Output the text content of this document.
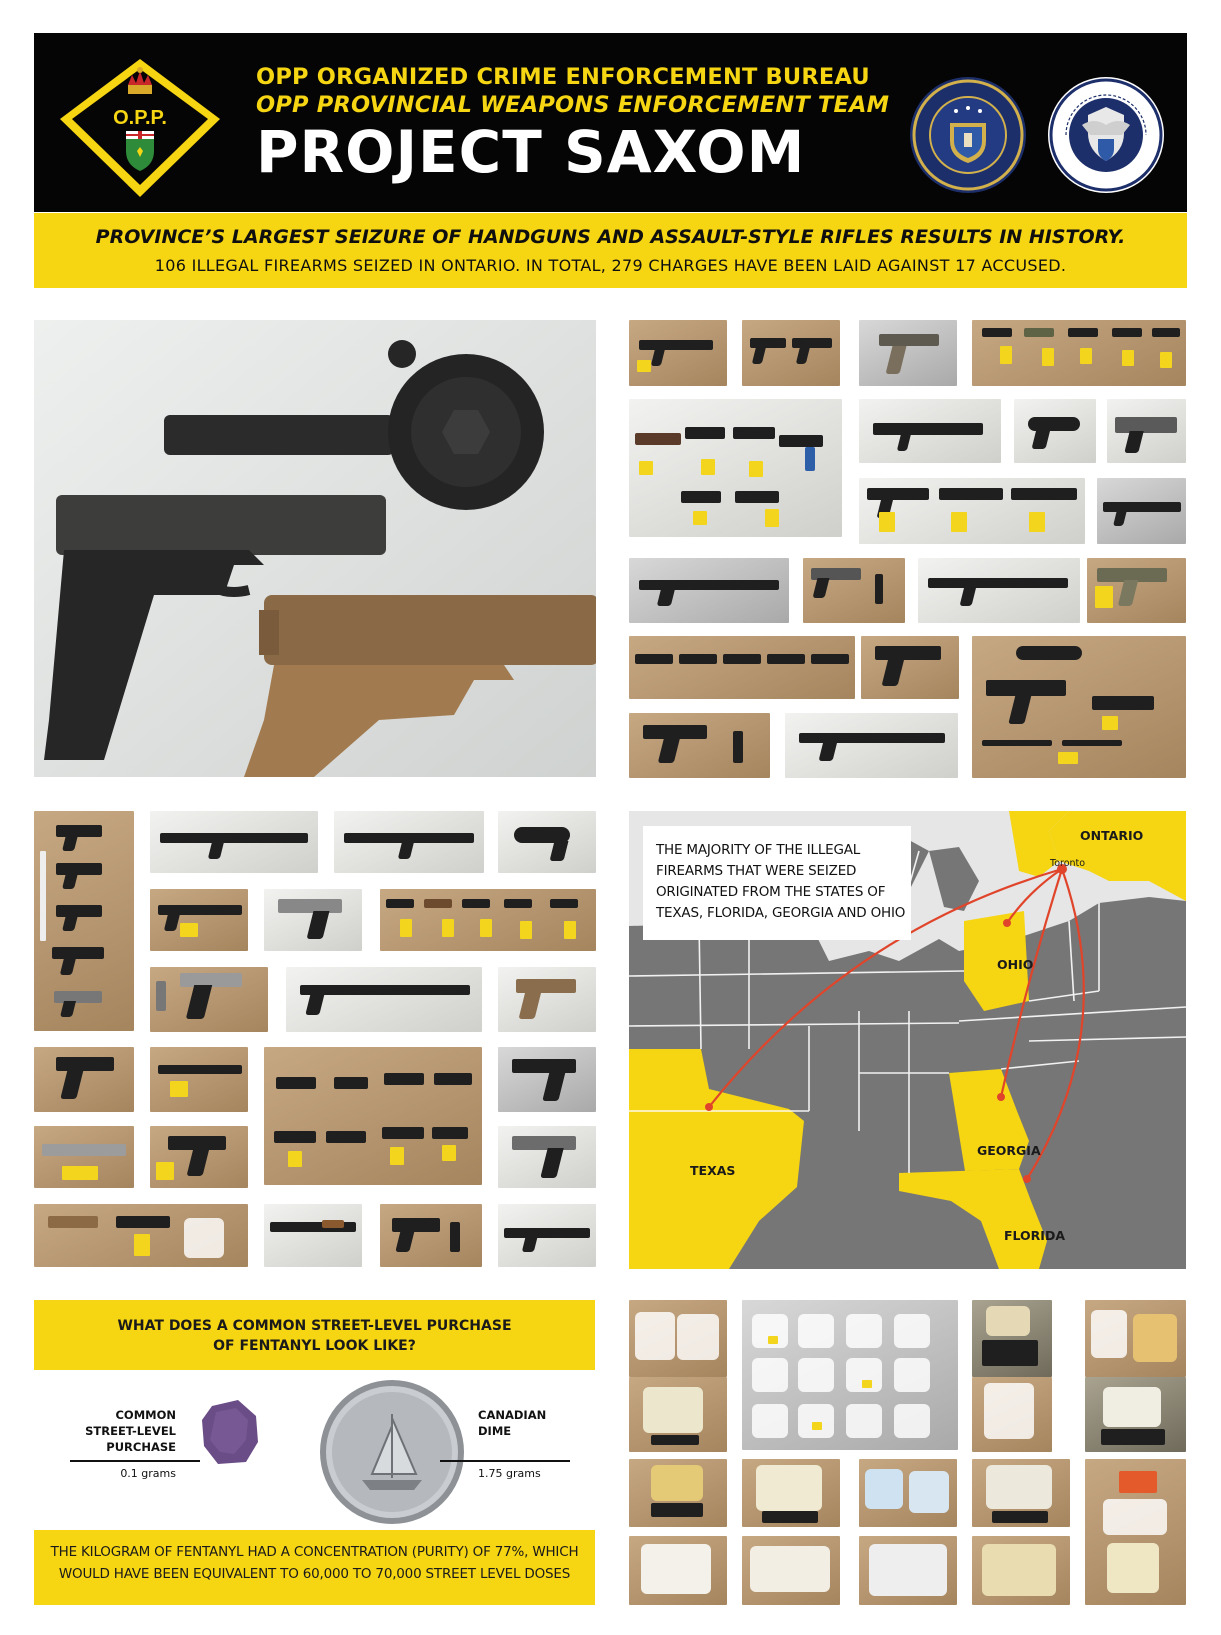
O.P.P.
OPP ORGANIZED CRIME ENFORCEMENT BUREAU
OPP PROVINCIAL WEAPONS ENFORCEMENT TEAM
PROJECT SAXOM
PROVINCE’S LARGEST SEIZURE OF HANDGUNS AND ASSAULT-STYLE RIFLES RESULTS IN HISTORY.
106 ILLEGAL FIREARMS SEIZED IN ONTARIO. IN TOTAL, 279 CHARGES HAVE BEEN LAID AGAINST 17 ACCUSED.
THE MAJORITY OF THE ILLEGAL
FIREARMS THAT WERE SEIZED
ORIGINATED FROM THE STATES OF
TEXAS, FLORIDA, GEORGIA AND OHIO
ONTARIO
Toronto
OHIO
TEXAS
GEORGIA
FLORIDA
WHAT DOES A COMMON STREET-LEVEL PURCHASE
OF FENTANYL LOOK LIKE?
COMMON
STREET-LEVEL
PURCHASE
0.1 grams
CANADIAN
DIME
1.75 grams
THE KILOGRAM OF FENTANYL HAD A CONCENTRATION (PURITY) OF 77%, WHICH
WOULD HAVE BEEN EQUIVALENT TO 60,000 TO 70,000 STREET LEVEL DOSES
